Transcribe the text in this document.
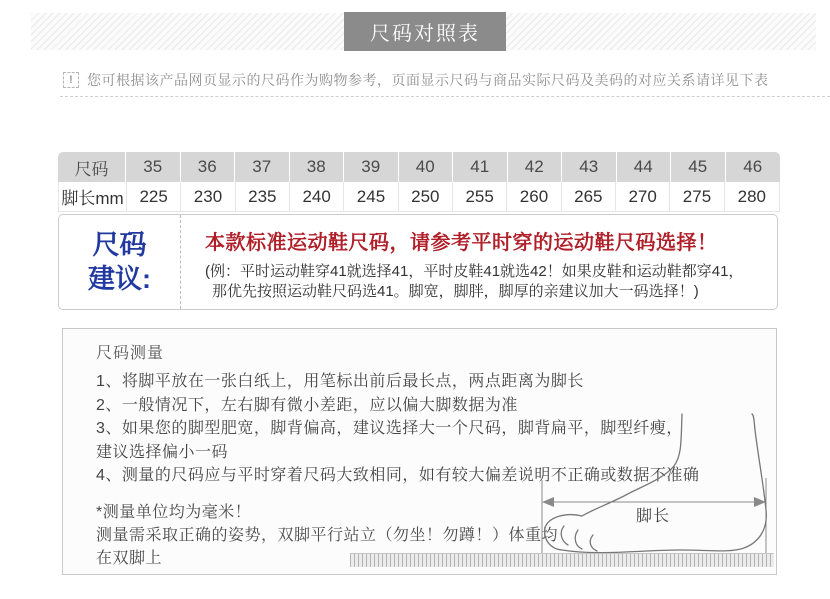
尺码对照表
!	您可根据该产品网页显示的尺码作为购物参考，页面显示尺码与商品实际尺码及美码的对应关系请详见下表
尺码	35	36	37	38	39	40	41	42	43	44	45	46
脚长mm 225	230	235	240	245	250	255	260	265	270	275	280
尺码
建议:
本款标准运动鞋尺码，请参考平时穿的运动鞋尺码选择！
(例：平时运动鞋穿41就选择41，平时皮鞋41就选42！如果皮鞋和运动鞋都穿41，
那优先按照运动鞋尺码选41。脚宽，脚胖，脚厚的亲建议加大一码选择！)
尺码测量
1、将脚平放在一张白纸上，用笔标出前后最长点，两点距离为脚长
2、一般情况下，左右脚有微小差距，应以偏大脚数据为准
3、如果您的脚型肥宽，脚背偏高，建议选择大一个尺码，脚背扁平，脚型纤瘦，
建议选择偏小一码
4、测量的尺码应与平时穿着尺码大致相同，如有较大偏差说明不正确或数据不准确
*测量单位均为毫米！
测量需采取正确的姿势，双脚平行站立（勿坐！勿蹲！）体重均
在双脚上
脚长
